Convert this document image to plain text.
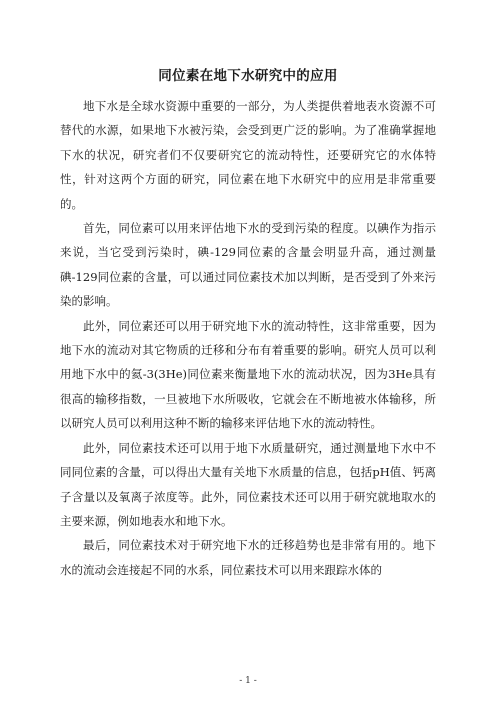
同位素在地下水研究中的应用

地下水是全球水资源中重要的一部分，为人类提供着地表水资源不可替代的水源，如果地下水被污染，会受到更广泛的影响。为了准确掌握地下水的状况，研究者们不仅要研究它的流动特性，还要研究它的水体特性，针对这两个方面的研究，同位素在地下水研究中的应用是非常重要的。

首先，同位素可以用来评估地下水的受到污染的程度。以碘作为指示来说，当它受到污染时，碘-129同位素的含量会明显升高，通过测量碘-129同位素的含量，可以通过同位素技术加以判断，是否受到了外来污染的影响。

此外，同位素还可以用于研究地下水的流动特性，这非常重要，因为地下水的流动对其它物质的迁移和分布有着重要的影响。研究人员可以利用地下水中的氦-3(3He)同位素来衡量地下水的流动状况，因为3He具有很高的输移指数，一旦被地下水所吸收，它就会在不断地被水体输移，所以研究人员可以利用这种不断的输移来评估地下水的流动特性。

此外，同位素技术还可以用于地下水质量研究，通过测量地下水中不同同位素的含量，可以得出大量有关地下水质量的信息，包括pH值、钙离子含量以及氧离子浓度等。此外，同位素技术还可以用于研究就地取水的主要来源，例如地表水和地下水。

最后，同位素技术对于研究地下水的迁移趋势也是非常有用的。地下水的流动会连接起不同的水系，同位素技术可以用来跟踪水体的

- 1 -
